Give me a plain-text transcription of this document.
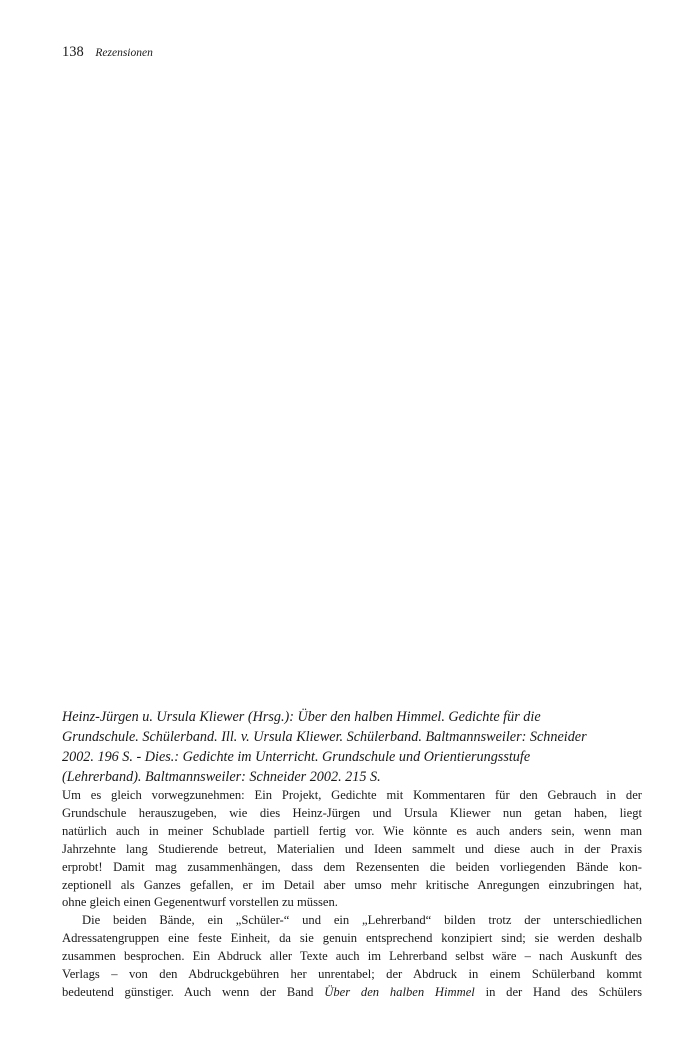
138 Rezensionen
Heinz-Jürgen u. Ursula Kliewer (Hrsg.): Über den halben Himmel. Gedichte für die
Grundschule. Schülerband. Ill. v. Ursula Kliewer. Schülerband. Baltmannsweiler: Schneider
2002. 196 S. - Dies.: Gedichte im Unterricht. Grundschule und Orientierungsstufe
(Lehrerband). Baltmannsweiler: Schneider 2002. 215 S.
Um es gleich vorwegzunehmen: Ein Projekt, Gedichte mit Kommentaren für den Gebrauch in der
Grundschule herauszugeben, wie dies Heinz-Jürgen und Ursula Kliewer nun getan haben, liegt
natürlich auch in meiner Schublade partiell fertig vor. Wie könnte es auch anders sein, wenn man
Jahrzehnte lang Studierende betreut, Materialien und Ideen sammelt und diese auch in der Praxis
erprobt! Damit mag zusammenhängen, dass dem Rezensenten die beiden vorliegenden Bände kon-
zeptionell als Ganzes gefallen, er im Detail aber umso mehr kritische Anregungen einzubringen hat,
ohne gleich einen Gegenentwurf vorstellen zu müssen.
Die beiden Bände, ein „Schüler-“ und ein „Lehrerband“ bilden trotz der unterschiedlichen
Adressatengruppen eine feste Einheit, da sie genuin entsprechend konzipiert sind; sie werden deshalb
zusammen besprochen. Ein Abdruck aller Texte auch im Lehrerband selbst wäre – nach Auskunft des
Verlags – von den Abdruckgebühren her unrentabel; der Abdruck in einem Schülerband kommt
bedeutend günstiger. Auch wenn der Band Über den halben Himmel in der Hand des Schülers
